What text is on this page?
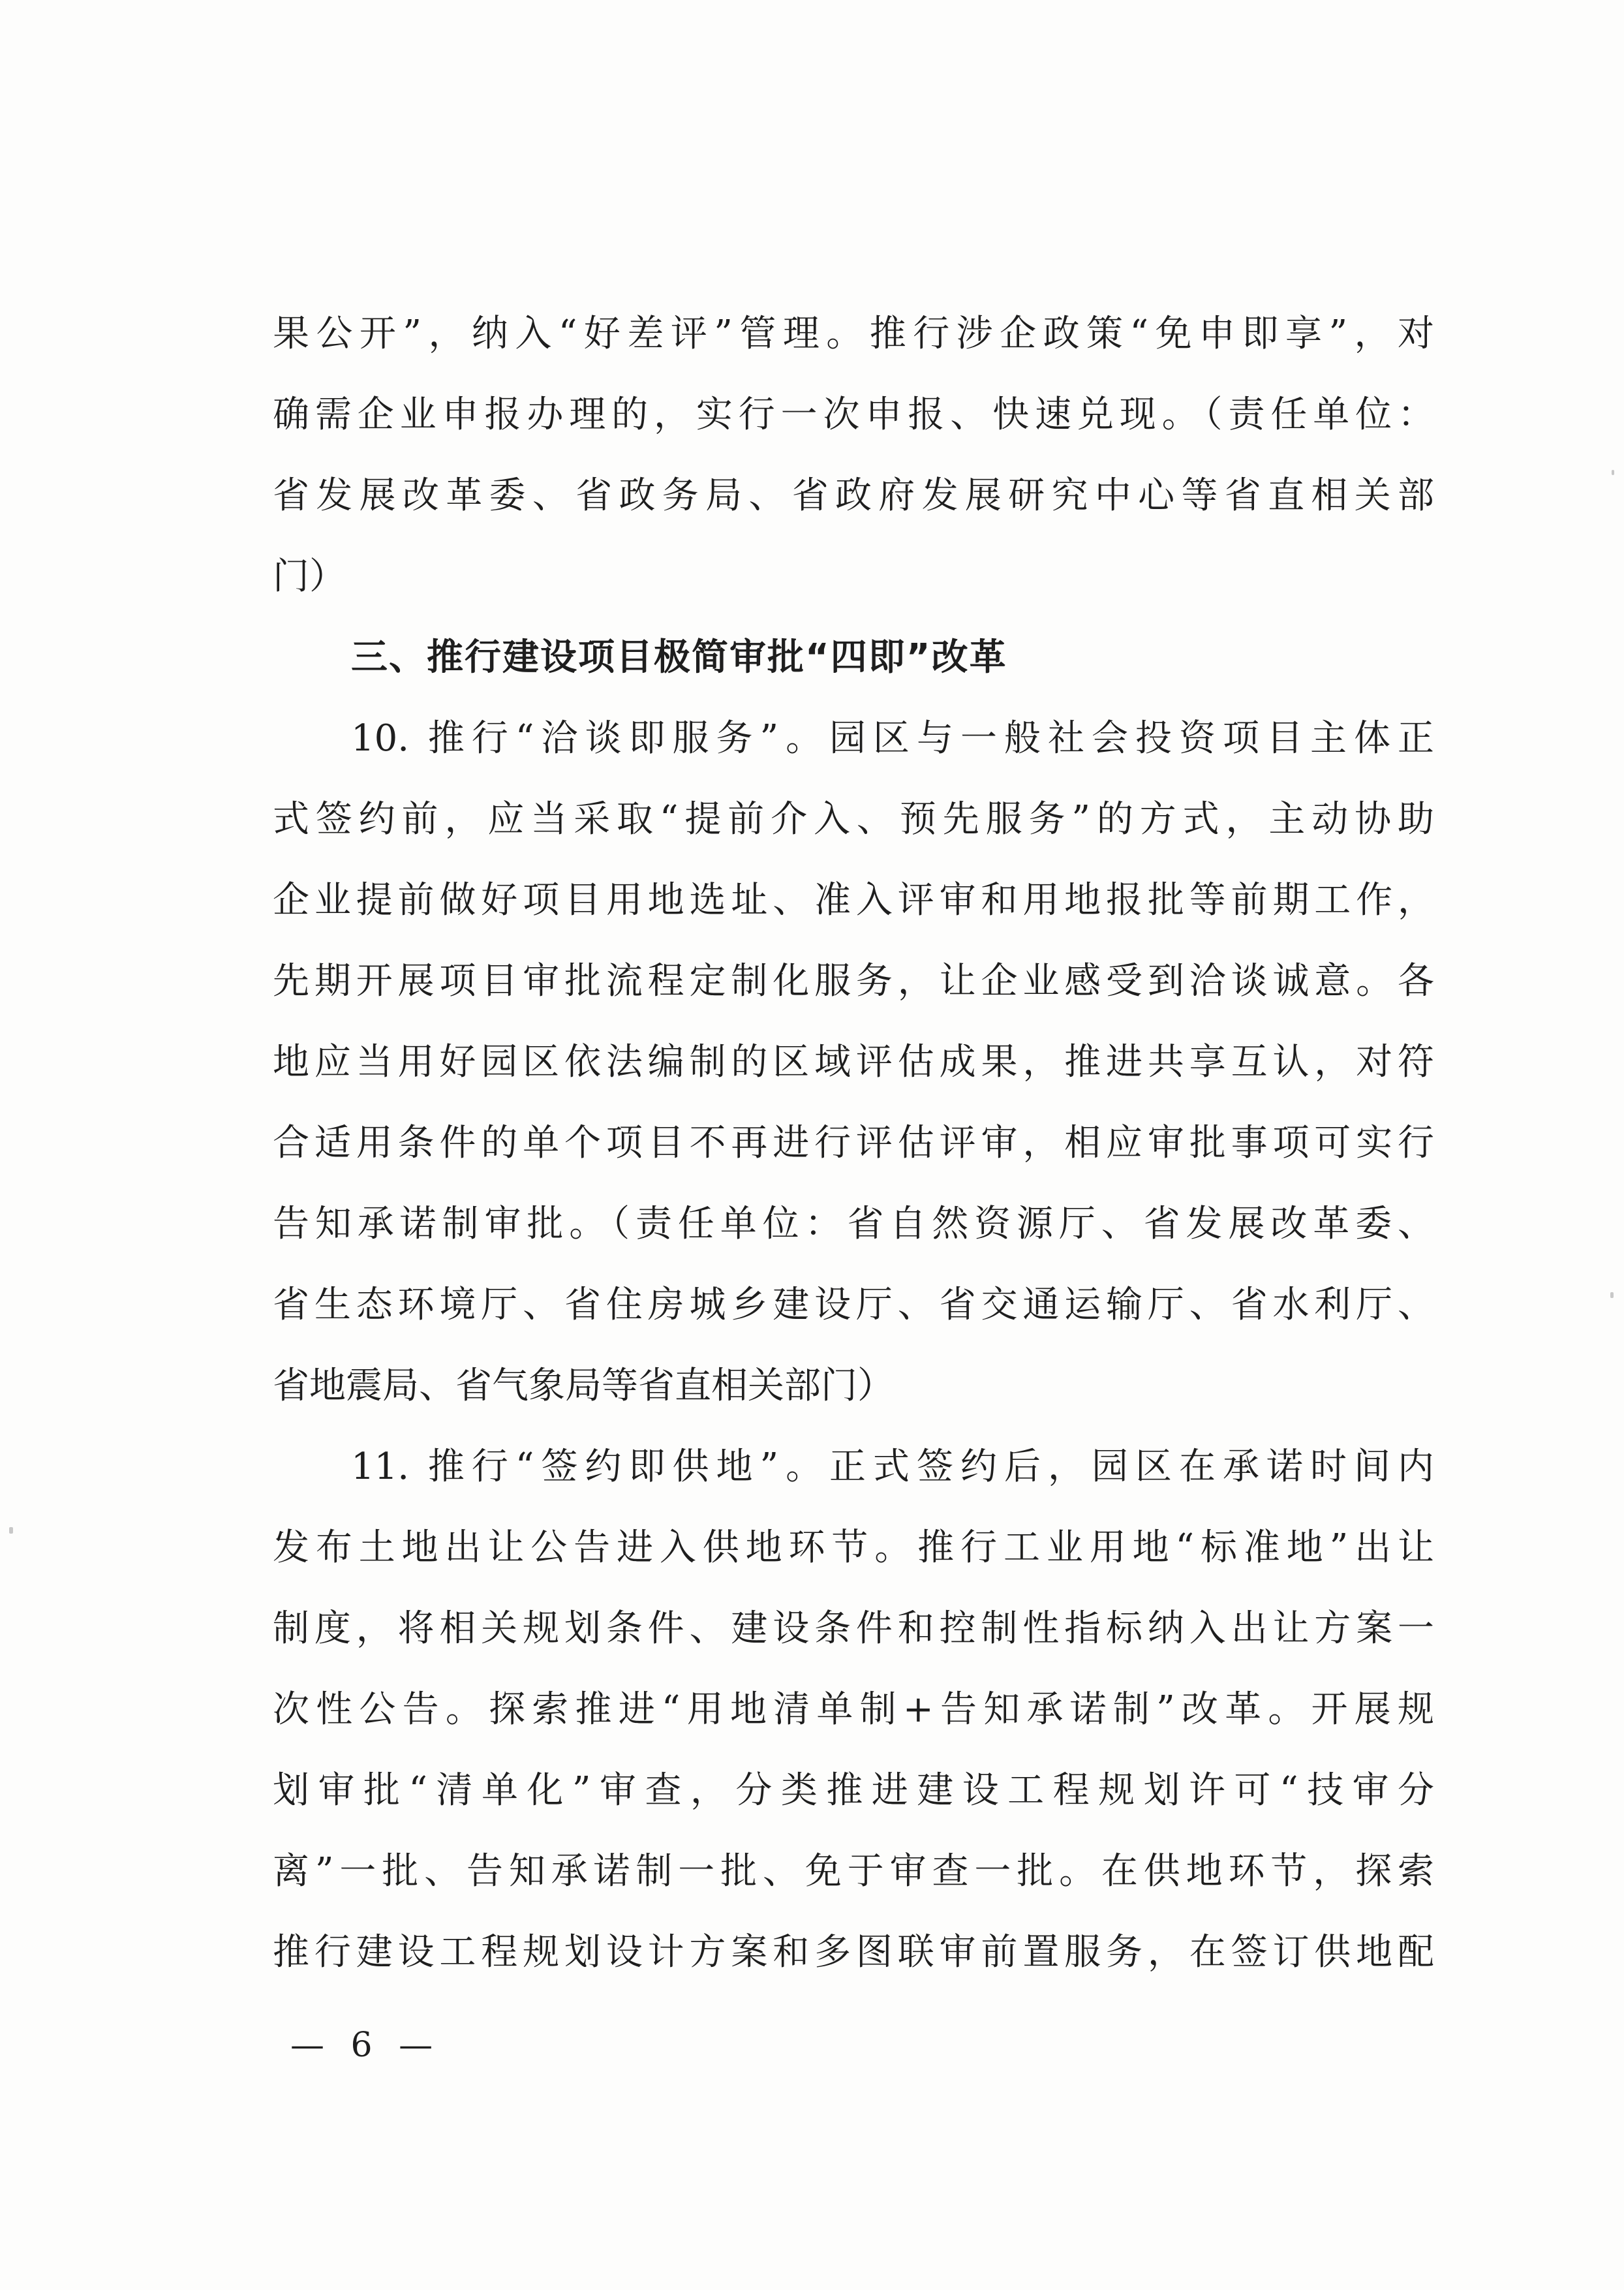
果公开”，纳入“好差评”管理。推行涉企政策“免申即享”，对
确需企业申报办理的，实行一次申报、快速兑现。（责任单位：
省发展改革委、省政务局、省政府发展研究中心等省直相关部
门）
三、推行建设项目极简审批“四即”改革
10. 推行“洽谈即服务”。园区与一般社会投资项目主体正
式签约前，应当采取“提前介入、预先服务”的方式，主动协助
企业提前做好项目用地选址、准入评审和用地报批等前期工作，
先期开展项目审批流程定制化服务，让企业感受到洽谈诚意。各
地应当用好园区依法编制的区域评估成果，推进共享互认，对符
合适用条件的单个项目不再进行评估评审，相应审批事项可实行
告知承诺制审批。（责任单位：省自然资源厅、省发展改革委、
省生态环境厅、省住房城乡建设厅、省交通运输厅、省水利厅、
省地震局、省气象局等省直相关部门）
11. 推行“签约即供地”。正式签约后，园区在承诺时间内
发布土地出让公告进入供地环节。推行工业用地“标准地”出让
制度，将相关规划条件、建设条件和控制性指标纳入出让方案一
次性公告。探索推进“用地清单制+告知承诺制”改革。开展规
划审批“清单化”审查，分类推进建设工程规划许可“技审分
离”一批、告知承诺制一批、免于审查一批。在供地环节，探索
推行建设工程规划设计方案和多图联审前置服务，在签订供地配
— 6 —
